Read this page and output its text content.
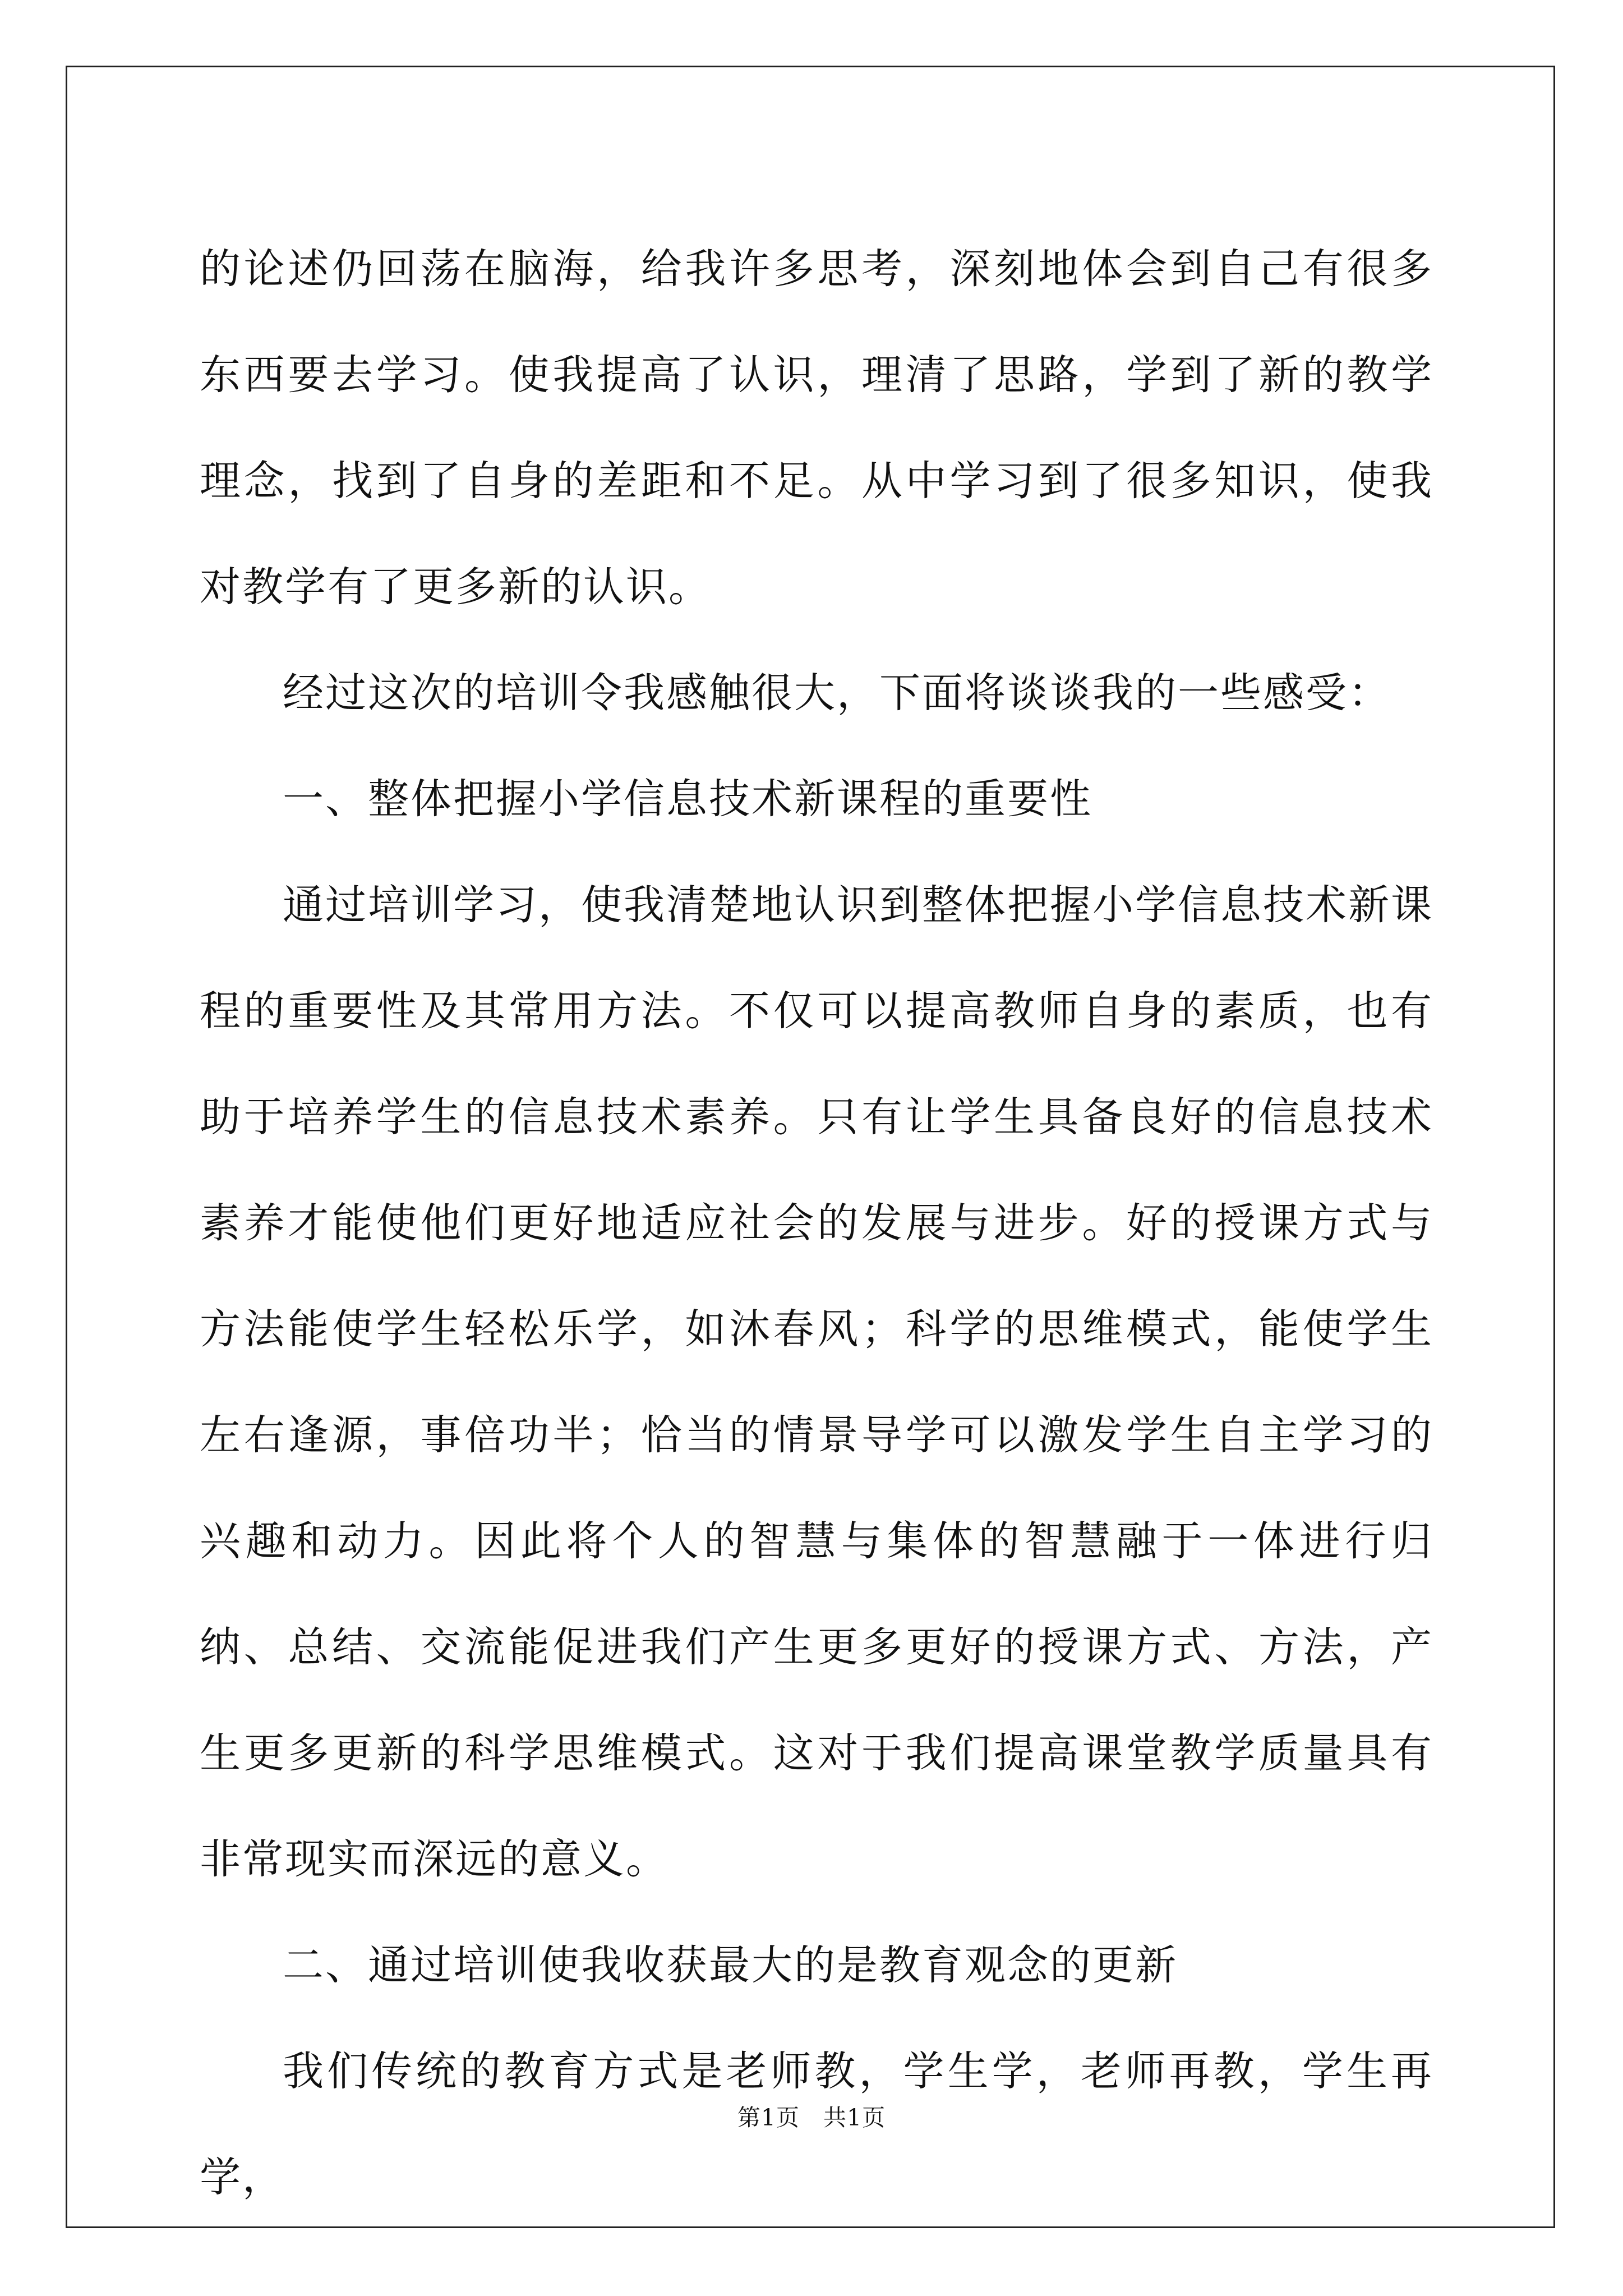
的论述仍回荡在脑海，给我许多思考，深刻地体会到自己有很多东西要去学习。使我提高了认识，理清了思路，学到了新的教学理念，找到了自身的差距和不足。从中学习到了很多知识，使我对教学有了更多新的认识。

经过这次的培训令我感触很大，下面将谈谈我的一些感受：

一、整体把握小学信息技术新课程的重要性

通过培训学习，使我清楚地认识到整体把握小学信息技术新课程的重要性及其常用方法。不仅可以提高教师自身的素质，也有助于培养学生的信息技术素养。只有让学生具备良好的信息技术素养才能使他们更好地适应社会的发展与进步。好的授课方式与方法能使学生轻松乐学，如沐春风；科学的思维模式，能使学生左右逢源，事倍功半；恰当的情景导学可以激发学生自主学习的兴趣和动力。因此将个人的智慧与集体的智慧融于一体进行归纳、总结、交流能促进我们产生更多更好的授课方式、方法，产生更多更新的科学思维模式。这对于我们提高课堂教学质量具有非常现实而深远的意义。

二、通过培训使我收获最大的是教育观念的更新

我们传统的教育方式是老师教，学生学，老师再教，学生再学，

第1页　共1页
